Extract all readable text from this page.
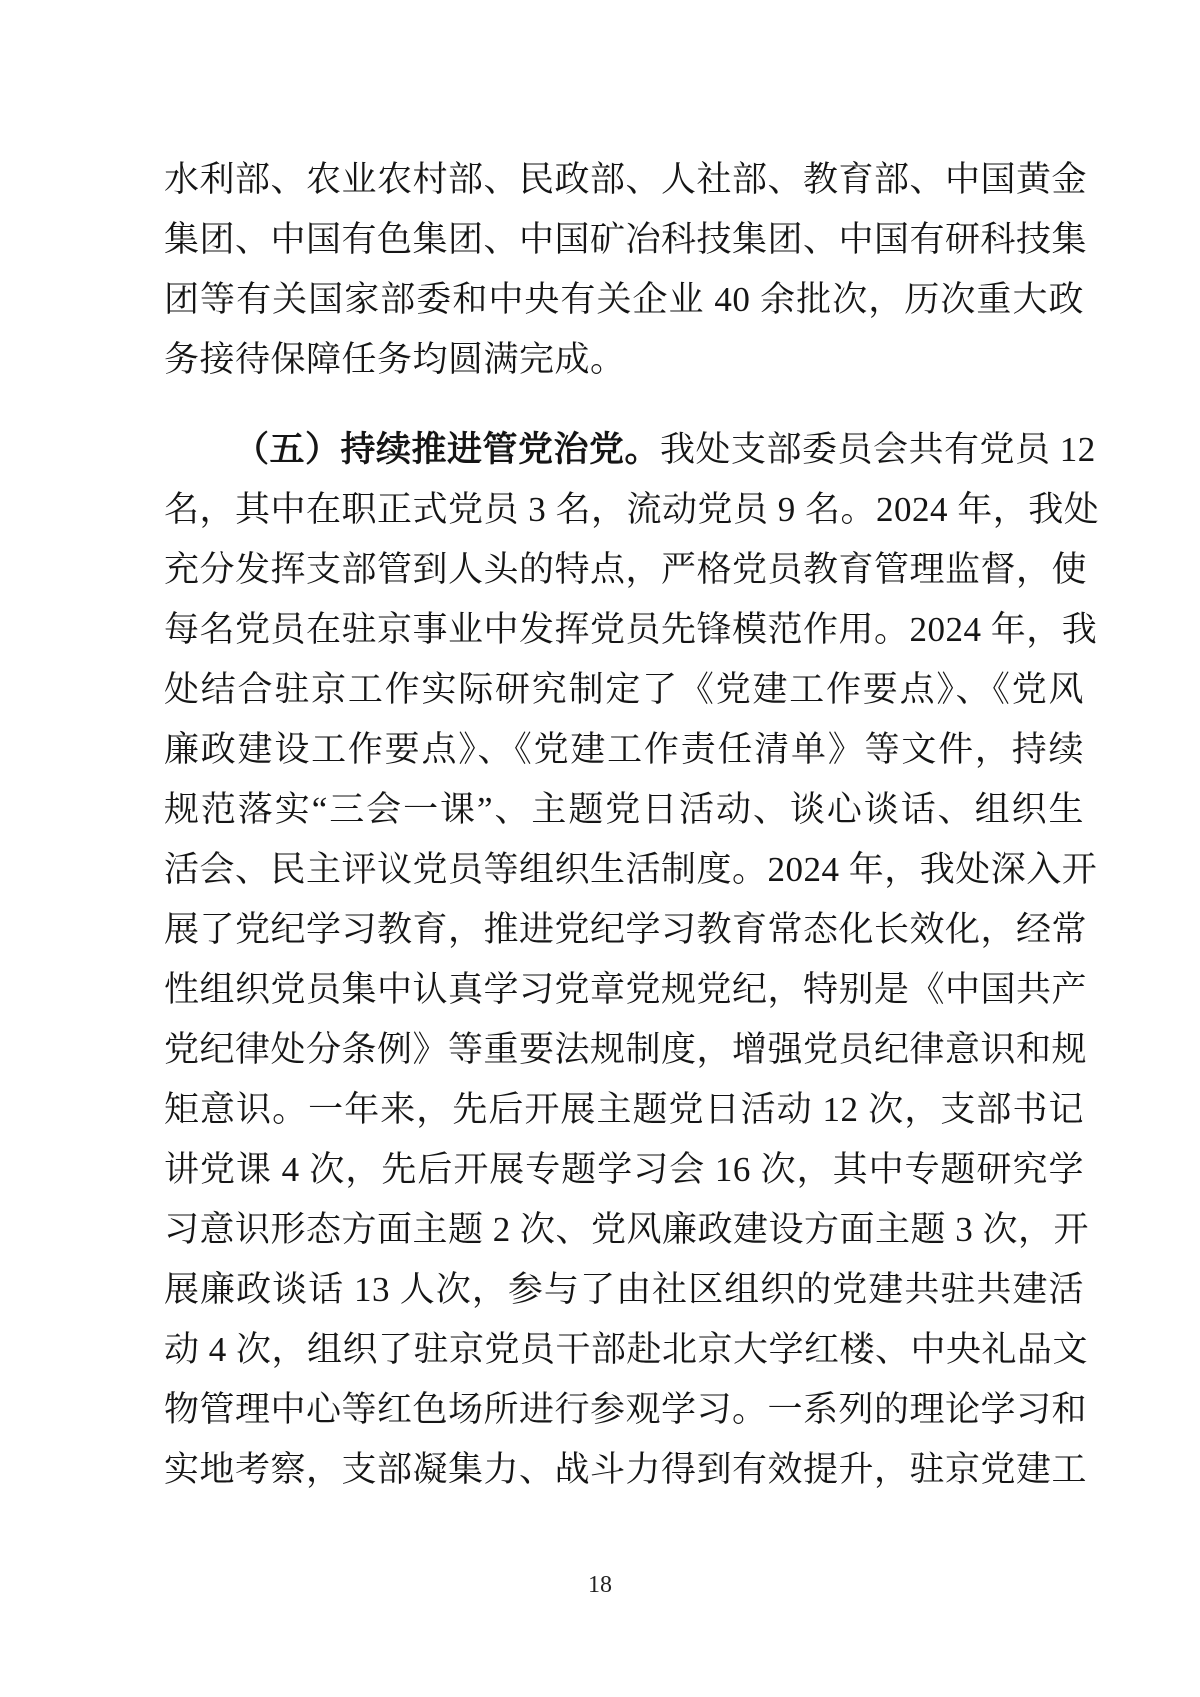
水利部、农业农村部、民政部、人社部、教育部、中国黄金
集团、中国有色集团、中国矿冶科技集团、中国有研科技集
团等有关国家部委和中央有关企业 40 余批次，历次重大政
务接待保障任务均圆满完成。
（五）持续推进管党治党。我处支部委员会共有党员 12
名，其中在职正式党员 3 名，流动党员 9 名。2024 年，我处
充分发挥支部管到人头的特点，严格党员教育管理监督，使
每名党员在驻京事业中发挥党员先锋模范作用。2024 年，我
处结合驻京工作实际研究制定了《党建工作要点》、《党风
廉政建设工作要点》、《党建工作责任清单》等文件，持续
规范落实“三会一课”、主题党日活动、谈心谈话、组织生
活会、民主评议党员等组织生活制度。2024 年，我处深入开
展了党纪学习教育，推进党纪学习教育常态化长效化，经常
性组织党员集中认真学习党章党规党纪，特别是《中国共产
党纪律处分条例》等重要法规制度，增强党员纪律意识和规
矩意识。一年来，先后开展主题党日活动 12 次，支部书记
讲党课 4 次，先后开展专题学习会 16 次，其中专题研究学
习意识形态方面主题 2 次、党风廉政建设方面主题 3 次，开
展廉政谈话 13 人次，参与了由社区组织的党建共驻共建活
动 4 次，组织了驻京党员干部赴北京大学红楼、中央礼品文
物管理中心等红色场所进行参观学习。一系列的理论学习和
实地考察，支部凝集力、战斗力得到有效提升，驻京党建工
18
